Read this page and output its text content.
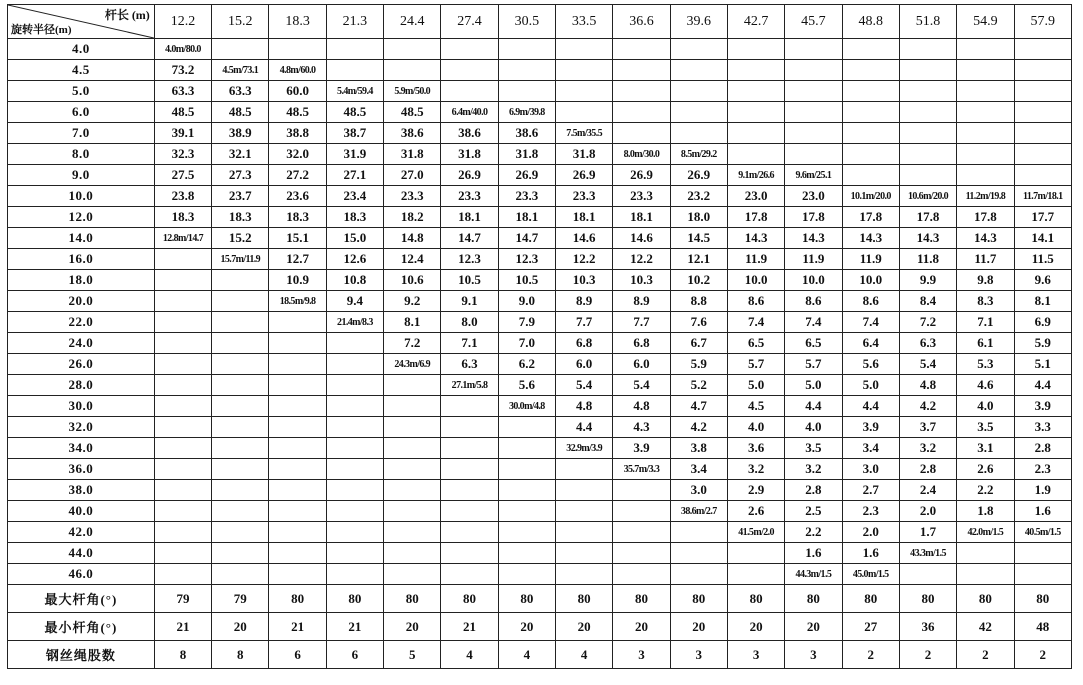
杆长 (m)
旋转半径(m)	12.2	15.2	18.3	21.3	24.4	27.4	30.5	33.5	36.6	39.6	42.7	45.7	48.8	51.8	54.9	57.9
4.0	4.0m/80.0															
4.5	73.2	4.5m/73.1	4.8m/60.0													
5.0	63.3	63.3	60.0	5.4m/59.4	5.9m/50.0											
6.0	48.5	48.5	48.5	48.5	48.5	6.4m/40.0	6.9m/39.8									
7.0	39.1	38.9	38.8	38.7	38.6	38.6	38.6	7.5m/35.5								
8.0	32.3	32.1	32.0	31.9	31.8	31.8	31.8	31.8	8.0m/30.0	8.5m/29.2						
9.0	27.5	27.3	27.2	27.1	27.0	26.9	26.9	26.9	26.9	26.9	9.1m/26.6	9.6m/25.1				
10.0	23.8	23.7	23.6	23.4	23.3	23.3	23.3	23.3	23.3	23.2	23.0	23.0	10.1m/20.0	10.6m/20.0	11.2m/19.8	11.7m/18.1
12.0	18.3	18.3	18.3	18.3	18.2	18.1	18.1	18.1	18.1	18.0	17.8	17.8	17.8	17.8	17.8	17.7
14.0	12.8m/14.7	15.2	15.1	15.0	14.8	14.7	14.7	14.6	14.6	14.5	14.3	14.3	14.3	14.3	14.3	14.1
16.0		15.7m/11.9	12.7	12.6	12.4	12.3	12.3	12.2	12.2	12.1	11.9	11.9	11.9	11.8	11.7	11.5
18.0			10.9	10.8	10.6	10.5	10.5	10.3	10.3	10.2	10.0	10.0	10.0	9.9	9.8	9.6
20.0			18.5m/9.8	9.4	9.2	9.1	9.0	8.9	8.9	8.8	8.6	8.6	8.6	8.4	8.3	8.1
22.0				21.4m/8.3	8.1	8.0	7.9	7.7	7.7	7.6	7.4	7.4	7.4	7.2	7.1	6.9
24.0					7.2	7.1	7.0	6.8	6.8	6.7	6.5	6.5	6.4	6.3	6.1	5.9
26.0					24.3m/6.9	6.3	6.2	6.0	6.0	5.9	5.7	5.7	5.6	5.4	5.3	5.1
28.0						27.1m/5.8	5.6	5.4	5.4	5.2	5.0	5.0	5.0	4.8	4.6	4.4
30.0							30.0m/4.8	4.8	4.8	4.7	4.5	4.4	4.4	4.2	4.0	3.9
32.0								4.4	4.3	4.2	4.0	4.0	3.9	3.7	3.5	3.3
34.0								32.9m/3.9	3.9	3.8	3.6	3.5	3.4	3.2	3.1	2.8
36.0									35.7m/3.3	3.4	3.2	3.2	3.0	2.8	2.6	2.3
38.0										3.0	2.9	2.8	2.7	2.4	2.2	1.9
40.0										38.6m/2.7	2.6	2.5	2.3	2.0	1.8	1.6
42.0											41.5m/2.0	2.2	2.0	1.7	42.0m/1.5	40.5m/1.5
44.0												1.6	1.6	43.3m/1.5		
46.0												44.3m/1.5	45.0m/1.5			
最大杆角(°)	79	79	80	80	80	80	80	80	80	80	80	80	80	80	80	80
最小杆角(°)	21	20	21	21	20	21	20	20	20	20	20	20	27	36	42	48
钢丝绳股数	8	8	6	6	5	4	4	4	3	3	3	3	2	2	2	2
